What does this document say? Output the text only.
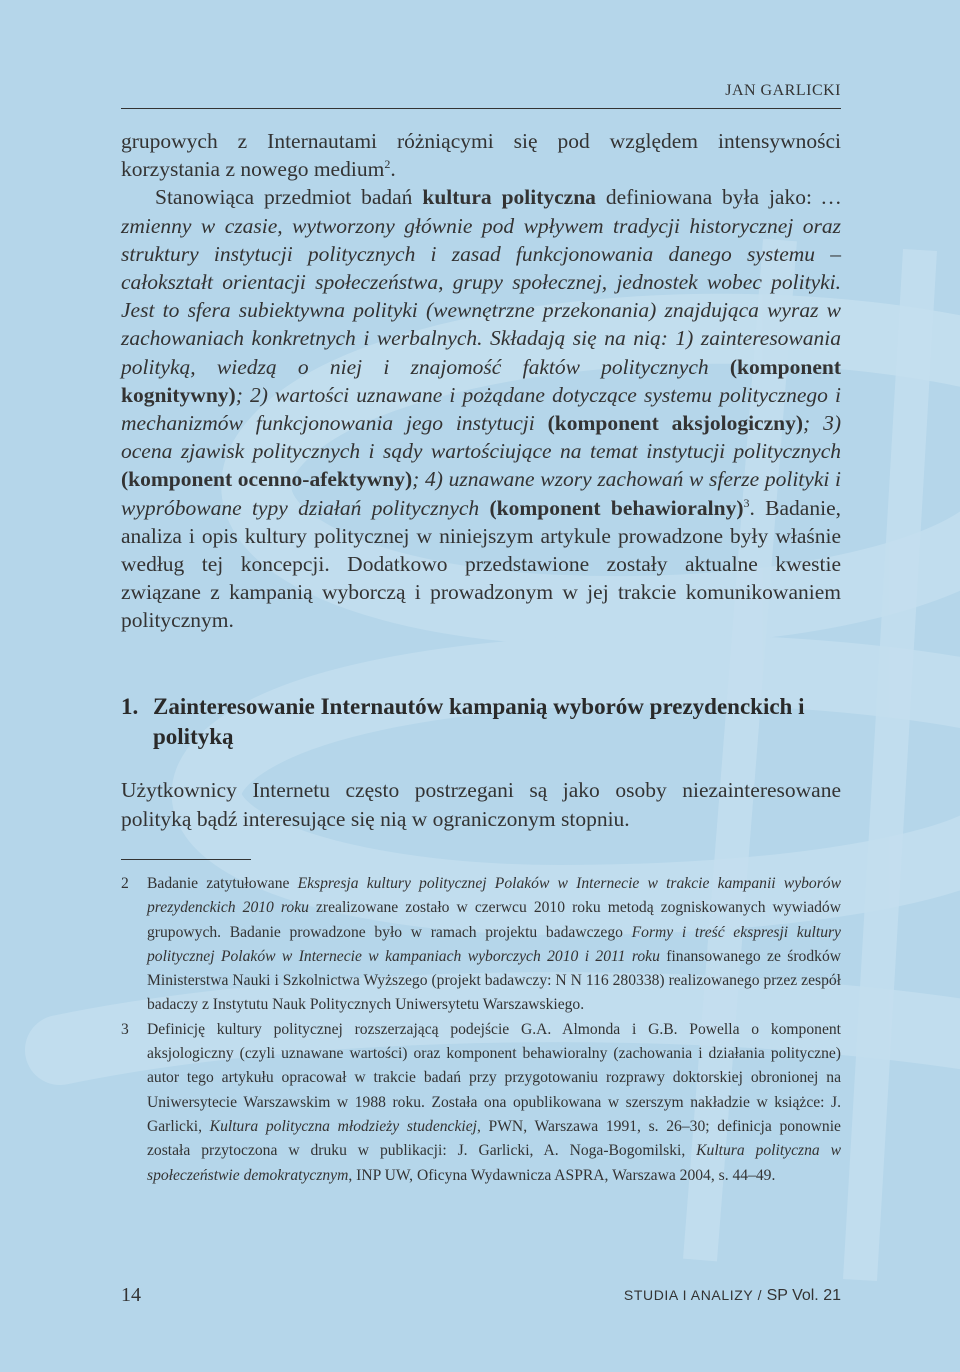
JAN GARLICKI

grupowych z Internautami różniącymi się pod względem intensywności korzystania z nowego medium$^2$.

Stanowiąca przedmiot badań kultura polityczna definiowana była jako: …zmienny w czasie, wytworzony głównie pod wpływem tradycji historycznej oraz struktury instytucji politycznych i zasad funkcjonowania danego systemu – całokształt orientacji społeczeństwa, grupy społecznej, jednostek wobec polityki. Jest to sfera subiektywna polityki (wewnętrzne przekonania) znajdująca wyraz w zachowaniach konkretnych i werbalnych. Składają się na nią: 1) zainteresowania polityką, wiedzą o niej i znajomość faktów politycznych (komponent kognitywny); 2) wartości uznawane i pożądane dotyczące systemu politycznego i mechanizmów funkcjonowania jego instytucji (komponent aksjologiczny); 3) ocena zjawisk politycznych i sądy wartościujące na temat instytucji politycznych (komponent ocenno-afektywny); 4) uznawane wzory zachowań w sferze polityki i wypróbowane typy działań politycznych (komponent behawioralny)$^3$. Badanie, analiza i opis kultury politycznej w niniejszym artykule prowadzone były właśnie według tej koncepcji. Dodatkowo przedstawione zostały aktualne kwestie związane z kampanią wyborczą i prowadzonym w jej trakcie komunikowaniem politycznym.

1. Zainteresowanie Internautów kampanią wyborów prezydenckich i polityką
Użytkownicy Internetu często postrzegani są jako osoby niezainteresowane polityką bądź interesujące się nią w ograniczonym stopniu.
2	Badanie zatytułowane Ekspresja kultury politycznej Polaków w Internecie w trakcie kampanii wyborów prezydenckich 2010 roku zrealizowane zostało w czerwcu 2010 roku metodą zogniskowanych wywiadów grupowych. Badanie prowadzone było w ramach projektu badawczego Formy i treść ekspresji kultury politycznej Polaków w Internecie w kampaniach wyborczych 2010 i 2011 roku finansowanego ze środków Ministerstwa Nauki i Szkolnictwa Wyższego (projekt badawczy: N N 116 280338) realizowanego przez zespół badaczy z Instytutu Nauk Politycznych Uniwersytetu Warszawskiego.
3	Definicję kultury politycznej rozszerzającą podejście G.A. Almonda i G.B. Powella o komponent aksjologiczny (czyli uznawane wartości) oraz komponent behawioralny (zachowania i działania polityczne) autor tego artykułu opracował w trakcie badań przy przygotowaniu rozprawy doktorskiej obronionej na Uniwersytecie Warszawskim w 1988 roku. Została ona opublikowana w szerszym nakładzie w książce: J. Garlicki, Kultura polityczna młodzieży studenckiej, PWN, Warszawa 1991, s. 26–30; definicja ponownie została przytoczona w druku w publikacji: J. Garlicki, A. Noga-Bogomilski, Kultura polityczna w społeczeństwie demokratycznym, INP UW, Oficyna Wydawnicza ASPRA, Warszawa 2004, s. 44–49.
14	STUDIA I ANALIZY / SP Vol. 21
